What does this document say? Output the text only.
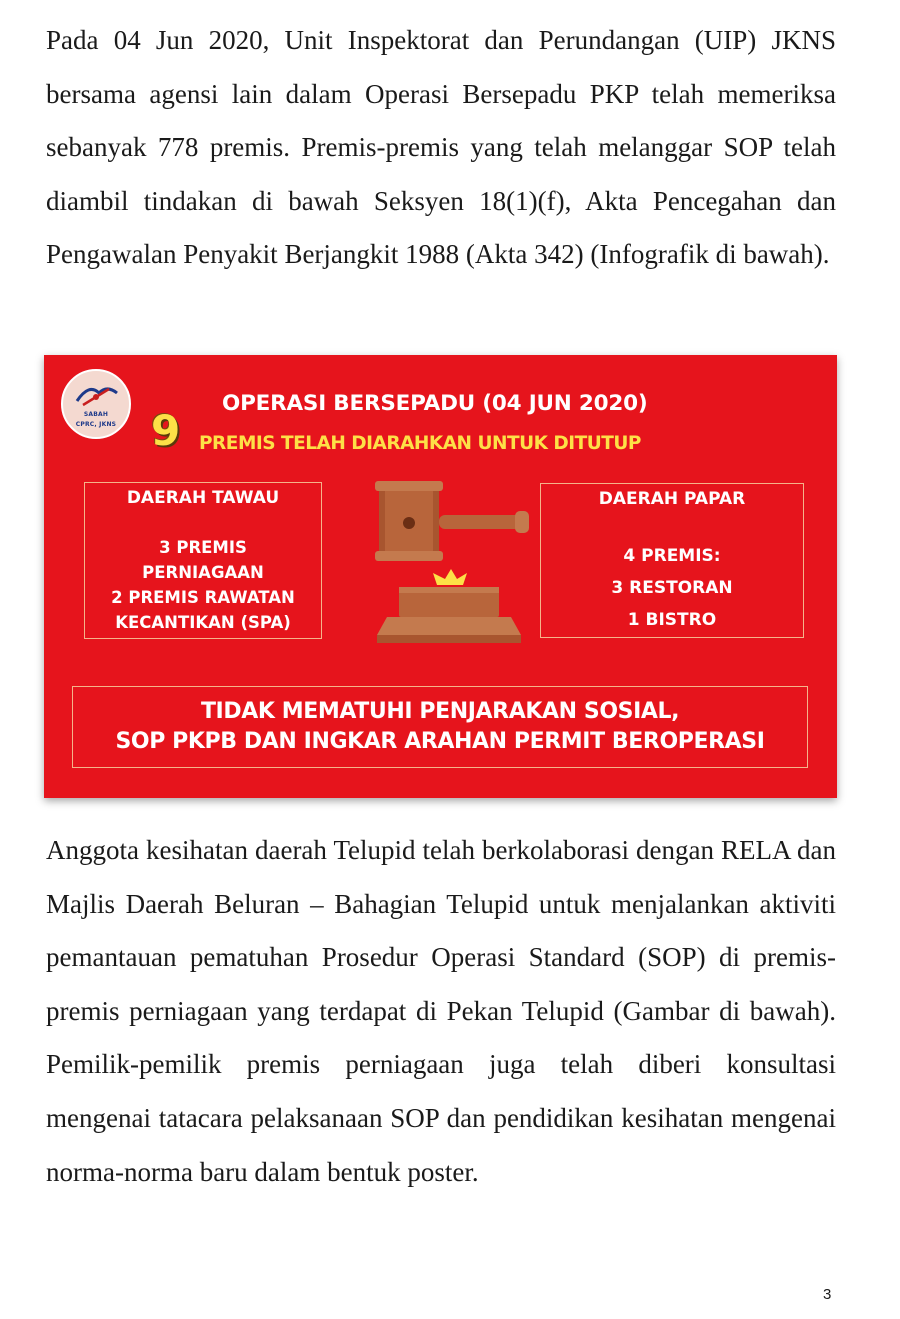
Pada 04 Jun 2020, Unit Inspektorat dan Perundangan (UIP) JKNS bersama agensi lain dalam Operasi Bersepadu PKP telah memeriksa sebanyak 778 premis. Premis-premis yang telah melanggar SOP telah diambil tindakan di bawah Seksyen 18(1)(f), Akta Pencegahan dan Pengawalan Penyakit Berjangkit 1988 (Akta 342) (Infografik di bawah).

SABAH
CPRC, JKNS
OPERASI BERSEPADU (04 JUN 2020)
9 PREMIS TELAH DIARAHKAN UNTUK DITUTUP
DAERAH TAWAU
3 PREMIS
PERNIAGAAN
2 PREMIS RAWATAN
KECANTIKAN (SPA)
DAERAH PAPAR
4 PREMIS:
3 RESTORAN
1 BISTRO
TIDAK MEMATUHI PENJARAKAN SOSIAL,
SOP PKPB DAN INGKAR ARAHAN PERMIT BEROPERASI

Anggota kesihatan daerah Telupid telah berkolaborasi dengan RELA dan Majlis Daerah Beluran – Bahagian Telupid untuk menjalankan aktiviti pemantauan pematuhan Prosedur Operasi Standard (SOP) di premis-premis perniagaan yang terdapat di Pekan Telupid (Gambar di bawah). Pemilik-pemilik premis perniagaan juga telah diberi konsultasi mengenai tatacara pelaksanaan SOP dan pendidikan kesihatan mengenai norma-norma baru dalam bentuk poster.

3
